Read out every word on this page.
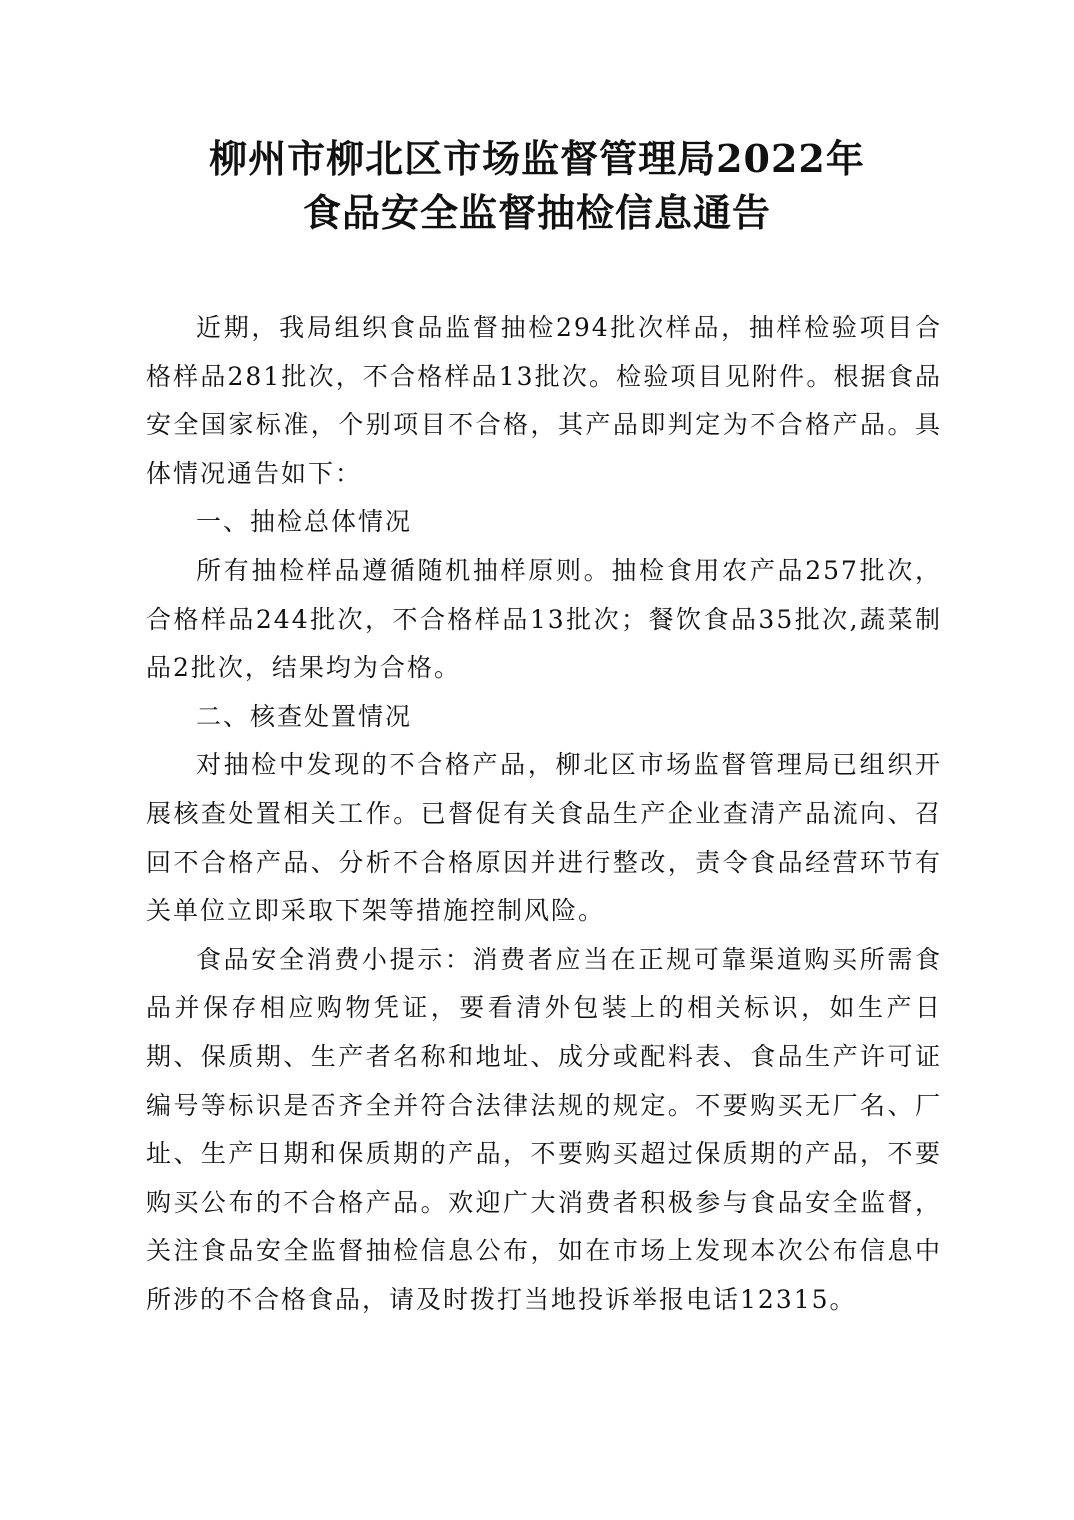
柳州市柳北区市场监督管理局2022年
食品安全监督抽检信息通告

近期，我局组织食品监督抽检294批次样品，抽样检验项目合格样品281批次，不合格样品13批次。检验项目见附件。根据食品安全国家标准，个别项目不合格，其产品即判定为不合格产品。具体情况通告如下：

一、抽检总体情况

所有抽检样品遵循随机抽样原则。抽检食用农产品257批次，合格样品244批次，不合格样品13批次；餐饮食品35批次,蔬菜制品2批次，结果均为合格。

二、核查处置情况

对抽检中发现的不合格产品，柳北区市场监督管理局已组织开展核查处置相关工作。已督促有关食品生产企业查清产品流向、召回不合格产品、分析不合格原因并进行整改，责令食品经营环节有关单位立即采取下架等措施控制风险。

食品安全消费小提示：消费者应当在正规可靠渠道购买所需食品并保存相应购物凭证，要看清外包装上的相关标识，如生产日期、保质期、生产者名称和地址、成分或配料表、食品生产许可证编号等标识是否齐全并符合法律法规的规定。不要购买无厂名、厂址、生产日期和保质期的产品，不要购买超过保质期的产品，不要购买公布的不合格产品。欢迎广大消费者积极参与食品安全监督，关注食品安全监督抽检信息公布，如在市场上发现本次公布信息中所涉的不合格食品，请及时拨打当地投诉举报电话12315。
